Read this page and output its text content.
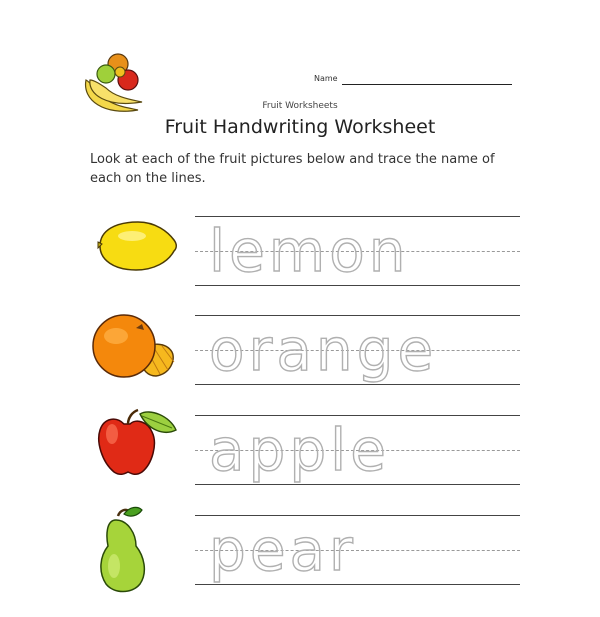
Name
Fruit Worksheets
Fruit Handwriting Worksheet
Look at each of the fruit pictures below and trace the name of each on the lines.
lemon
orange
apple
pear
